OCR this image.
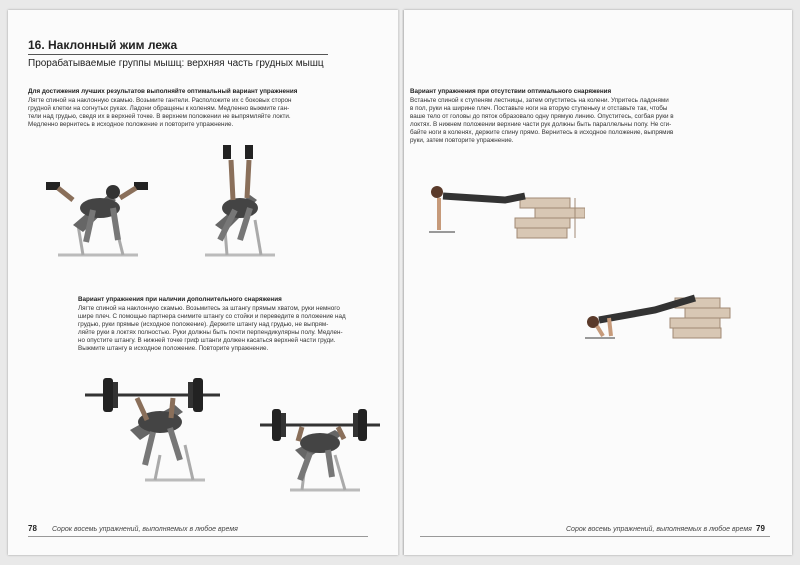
16. Наклонный жим лежа
Прорабатываемые группы мышц: верхняя часть грудных мышц
Для достижения лучших результатов выполняйте оптимальный вариант упражнения

Лягте спиной на наклонную скамью. Возьмите гантели. Расположите их с боковых сторон

грудной клетки на согнутых руках. Ладони обращены к коленям. Медленно выжмите ган-

тели над грудью, сведя их в верхней точке. В верхнем положении не выпрямляйте локти.

Медленно вернитесь в исходное положение и повторите упражнение.

Вариант упражнения при наличии дополнительного снаряжения

Лягте спиной на наклонную скамью. Возьмитесь за штангу прямым хватом, руки немного

шире плеч. С помощью партнера снимите штангу со стойки и переведите в положение над

грудью, руки прямые (исходное положение). Держите штангу над грудью, не выпрям-

ляйте руки в локтях полностью. Руки должны быть почти перпендикулярны полу. Медлен-

но опустите штангу. В нижней точке гриф штанги должен касаться верхней части груди.

Выжмите штангу в исходное положение. Повторите упражнение.

78 Сорок восемь упражнений, выполняемых в любое время
Вариант упражнения при отсутствии оптимального снаряжения

Встаньте спиной к ступеням лестницы, затем опуститесь на колени. Упритесь ладонями

в пол, руки на ширине плеч. Поставьте ноги на вторую ступеньку и отставьте так, чтобы

ваше тело от головы до пяток образовало одну прямую линию. Опуститесь, согбая руки в

локтях. В нижнем положении верхние части рук должны быть параллельны полу. Не сги-

байте ноги в коленях, держите спину прямо. Вернитесь в исходное положение, выпрямив

руки, затем повторите упражнение.

Сорок восемь упражнений, выполняемых в любое время 79
